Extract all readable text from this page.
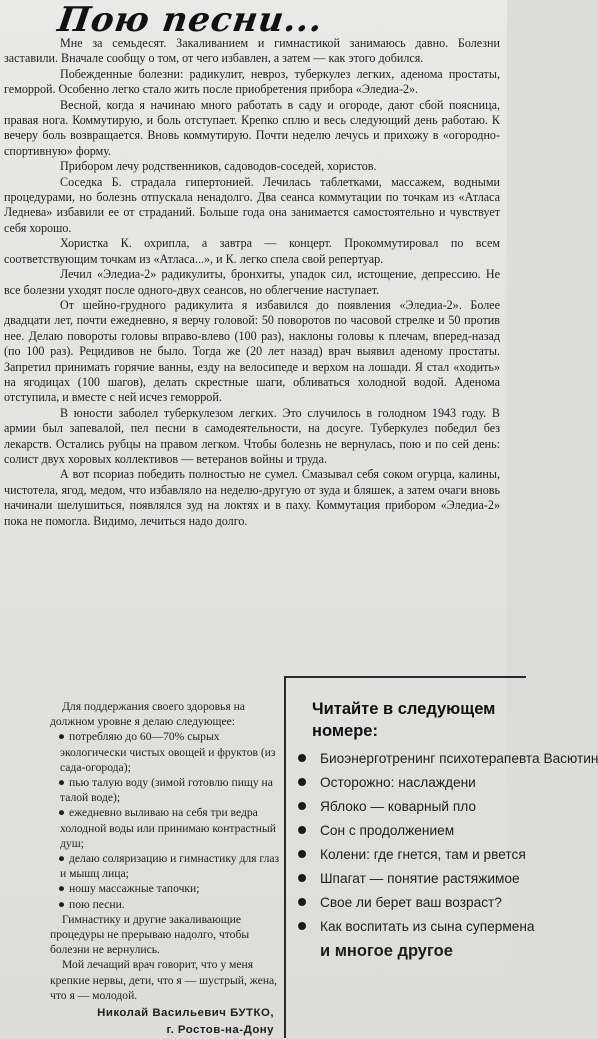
Пою песни...

Мне за семьдесят. Закаливанием и гимнастикой занимаюсь давно. Болезни заставили. Вначале сообщу о том, от чего избавлен, а затем — как этого добился.

Побежденные болезни: радикулит, невроз, туберкулез легких, аденома простаты, геморрой. Особенно легко стало жить после приобретения прибора «Эледиа-2».

Весной, когда я начинаю много работать в саду и огороде, дают сбой поясница, правая нога. Коммутирую, и боль отступает. Крепко сплю и весь следующий день работаю. К вечеру боль возвращается. Вновь коммутирую. Почти неделю лечусь и прихожу в «огородно-спортивную» форму.

Прибором лечу родственников, садоводов-соседей, хористов.

Соседка Б. страдала гипертонией. Лечилась таблетками, массажем, водными процедурами, но болезнь отпускала ненадолго. Два сеанса коммутации по точкам из «Атласа Леднева» избавили ее от страданий. Больше года она занимается самостоятельно и чувствует себя хорошо.

Хористка К. охрипла, а завтра — концерт. Прокоммутировал по всем соответствующим точкам из «Атласа...», и К. легко спела свой репертуар.

Лечил «Эледиа-2» радикулиты, бронхиты, упадок сил, истощение, депрессию. Не все болезни уходят после одного-двух сеансов, но облегчение наступает.

От шейно-грудного радикулита я избавился до появления «Эледиа-2». Более двадцати лет, почти ежедневно, я верчу головой: 50 поворотов по часовой стрелке и 50 против нее. Делаю повороты головы вправо-влево (100 раз), наклоны головы к плечам, вперед-назад (по 100 раз). Рецидивов не было. Тогда же (20 лет назад) врач выявил аденому простаты. Запретил принимать горячие ванны, езду на велосипеде и верхом на лошади. Я стал «ходить» на ягодицах (100 шагов), делать скрестные шаги, обливаться холодной водой. Аденома отступила, и вместе с ней исчез геморрой.

В юности заболел туберкулезом легких. Это случилось в голодном 1943 году. В армии был запевалой, пел песни в самодеятельности, на досуге. Туберкулез победил без лекарств. Остались рубцы на правом легком. Чтобы болезнь не вернулась, пою и по сей день: солист двух хоровых коллективов — ветеранов войны и труда.

А вот псориаз победить полностью не сумел. Смазывал себя соком огурца, калины, чистотела, ягод, медом, что избавляло на неделю-другую от зуда и бляшек, а затем очаги вновь начинали шелушиться, появлялся зуд на локтях и в паху. Коммутация прибором «Эледиа-2» пока не помогла. Видимо, лечиться надо долго.

Для поддержания своего здоровья на должном уровне я делаю следующее:

● потребляю до 60—70% сырых экологически чистых овощей и фруктов (из сада-огорода);
● пью талую воду (зимой готовлю пищу на талой воде);
● ежедневно выливаю на себя три ведра холодной воды или принимаю контрастный душ;
● делаю соляризацию и гимнастику для глаз и мышц лица;
● ношу массажные тапочки;
● пою песни.

Гимнастику и другие закаливающие процедуры не прерываю надолго, чтобы болезни не вернулись.

Мой лечащий врач говорит, что у меня крепкие нервы, дети, что я — шустрый, жена, что я — молодой.

Николай Васильевич БУТКО,
г. Ростов-на-Дону
Читайте в следующем номере:
Биоэнерготренинг психотерапевта Васютин
Осторожно: наслаждени
Яблоко — коварный пло
Сон с продолжением
Колени: где гнется, там и рвется
Шпагат — понятие растяжимое
Свое ли берет ваш возраст?
Как воспитать из сына супермена
и многое другое
